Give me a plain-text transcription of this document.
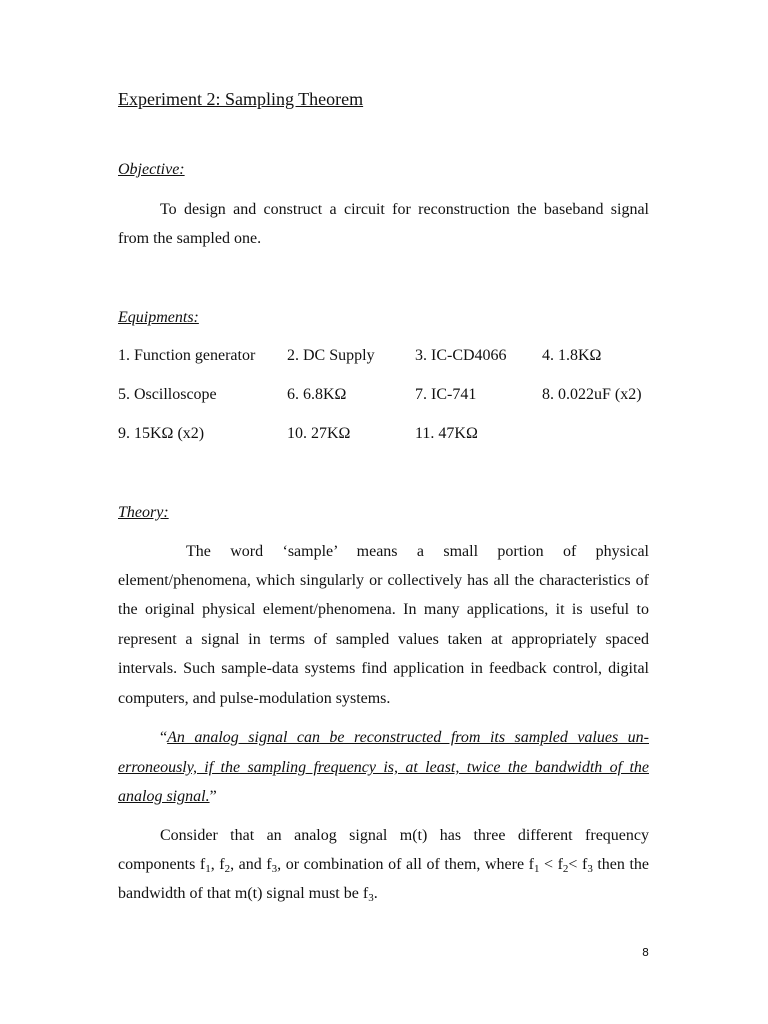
Experiment 2: Sampling Theorem
Objective:
To design and construct a circuit for reconstruction the baseband signal
from the sampled one.
Equipments:
1. Function generator 2. DC Supply	3. IC-CD4066 4. 1.8KΩ
5. Oscilloscope	6. 6.8KΩ	7. IC-741	8. 0.022uF (x2)
9. 15KΩ (x2)	10. 27KΩ	11. 47KΩ
Theory:
The word ‘sample’ means a small portion of physical
element/phenomena, which singularly or collectively has all the characteristics of
the original physical element/phenomena. In many applications, it is useful to
represent a signal in terms of sampled values taken at appropriately spaced
intervals. Such sample-data systems find application in feedback control, digital
computers, and pulse-modulation systems.
“An analog signal can be reconstructed from its sampled values un-
erroneously, if the sampling frequency is, at least, twice the bandwidth of the
analog signal.”
Consider that an analog signal m(t) has three different frequency
components $f_1$, $f_2$, and $f_3$, or combination of all of them, where $f_1 < f_2< f_3$ then the
bandwidth of that m(t) signal must be $f_3$.
8
